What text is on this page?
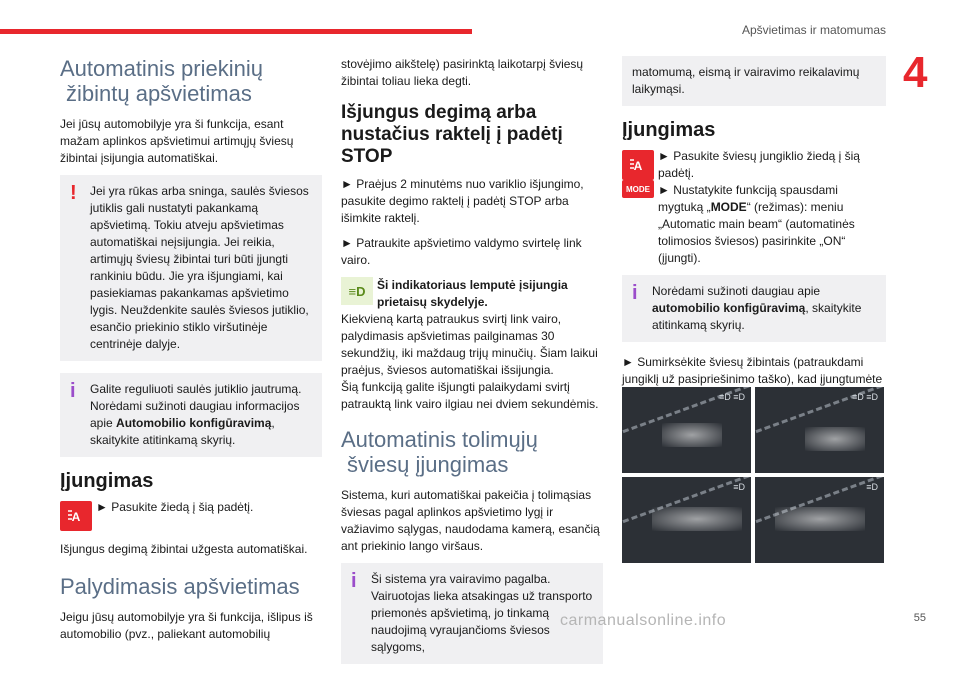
Apšvietimas ir matomumas
4
Automatinis priekinių
žibintų apšvietimas

Jei jūsų automobilyje yra ši funkcija, esant mažam aplinkos apšvietimui artimųjų šviesų žibintai įsijungia automatiškai.

! Jei yra rūkas arba sninga, saulės šviesos jutiklis gali nustatyti pakankamą apšvietimą. Tokiu atveju apšvietimas automatiškai neįsijungia. Jei reikia, artimųjų šviesų žibintai turi būti įjungti rankiniu būdu. Jie yra išjungiami, kai pasiekiamas pakankamas apšvietimo lygis. Neuždenkite saulės šviesos jutiklio, esančio priekinio stiklo viršutinėje centrinėje dalyje.

i Galite reguliuoti saulės jutiklio jautrumą. Norėdami sužinoti daugiau informacijos apie Automobilio konfigūravimą, skaitykite atitinkamą skyrių.

Įjungimas
A

► Pasukite žiedą į šią padėtį.

Išjungus degimą žibintai užgesta automatiškai.

Palydimasis apšvietimas

Jeigu jūsų automobilyje yra ši funkcija, išlipus iš automobilio (pvz., paliekant automobilių

stovėjimo aikštelę) pasirinktą laikotarpį šviesų žibintai toliau lieka degti.

Išjungus degimą arba nustačius raktelį į padėtį STOP

► Praėjus 2 minutėms nuo variklio išjungimo, pasukite degimo raktelį į padėtį STOP arba išimkite raktelį.

► Patraukite apšvietimo valdymo svirtelę link vairo.

≡D Ši indikatoriaus lemputė įsijungia prietaisų skydelyje.

Kiekvieną kartą patraukus svirtį link vairo, palydimasis apšvietimas pailginamas 30 sekundžių, iki maždaug trijų minučių. Šiam laikui praėjus, šviesos automatiškai išsijungia.

Šią funkciją galite išjungti palaikydami svirtį patrauktą link vairo ilgiau nei dviem sekundėmis.

Automatinis tolimųjų
šviesų įjungimas

Sistema, kuri automatiškai pakeičia į tolimąsias šviesas pagal aplinkos apšvietimo lygį ir važiavimo sąlygas, naudodama kamerą, esančią ant priekinio lango viršaus.

i Ši sistema yra vairavimo pagalba. Vairuotojas lieka atsakingas už transporto priemonės apšvietimą, jo tinkamą naudojimą vyraujančioms šviesos sąlygoms,

matomumą, eismą ir vairavimo reikalavimų laikymąsi.

Įjungimas
A
MODE

► Pasukite šviesų jungiklio žiedą į šią padėtį.

► Nustatykite funkciją spausdami mygtuką „MODE“ (režimas): meniu „Automatic main beam“ (automatinės tolimosios šviesos) pasirinkite „ON“ (įjungti).

i Norėdami sužinoti daugiau apie automobilio konfigūravimą, skaitykite atitinkamą skyrių.

► Sumirksėkite šviesų žibintais (patraukdami jungiklį už pasipriešinimo taško), kad įjungtumėte

≡D ≡D	≡D ≡D
≡D	≡D
carmanualsonline.info	55
